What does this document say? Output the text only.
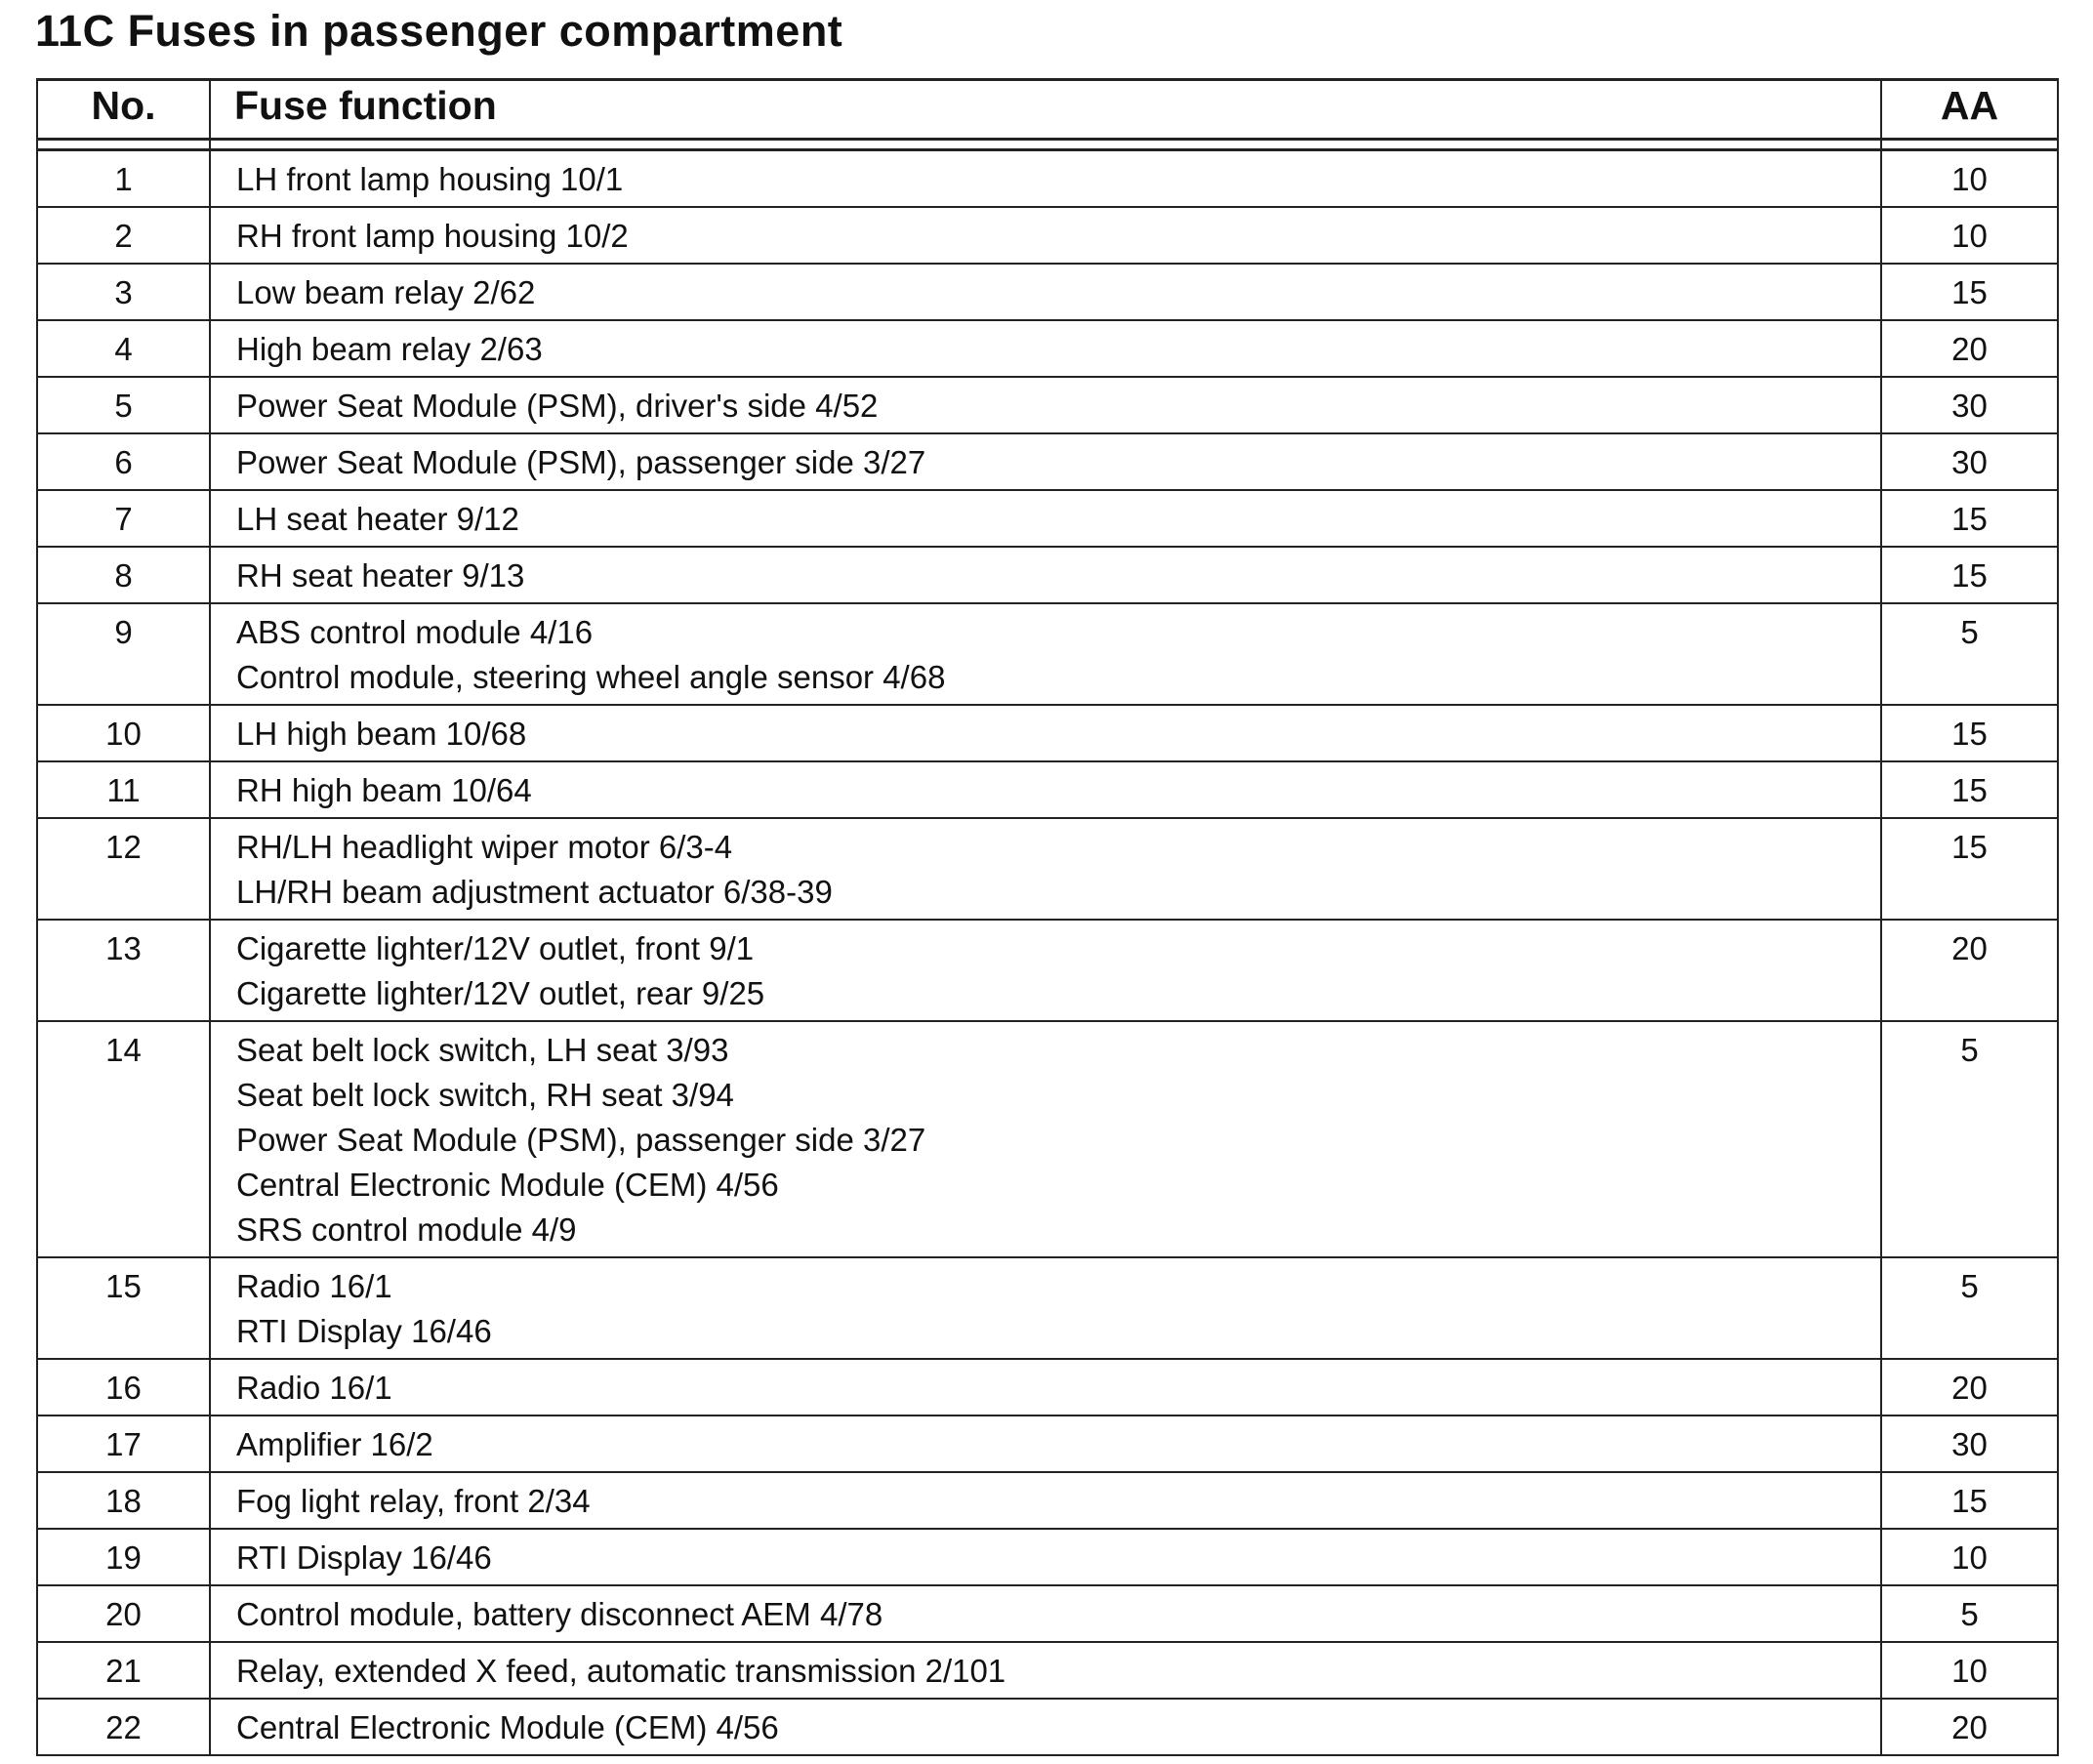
11C Fuses in passenger compartment
No.	Fuse function	AA

1	LH front lamp housing 10/1	10
2	RH front lamp housing 10/2	10
3	Low beam relay 2/62	15
4	High beam relay 2/63	20
5	Power Seat Module (PSM), driver's side 4/52	30
6	Power Seat Module (PSM), passenger side 3/27	30
7	LH seat heater 9/12	15
8	RH seat heater 9/13	15
9	ABS control module 4/16
Control module, steering wheel angle sensor 4/68	5
10	LH high beam 10/68	15
11	RH high beam 10/64	15
12	RH/LH headlight wiper motor 6/3-4
LH/RH beam adjustment actuator 6/38-39	15
13	Cigarette lighter/12V outlet, front 9/1
Cigarette lighter/12V outlet, rear 9/25	20
14	Seat belt lock switch, LH seat 3/93
Seat belt lock switch, RH seat 3/94
Power Seat Module (PSM), passenger side 3/27
Central Electronic Module (CEM) 4/56
SRS control module 4/9	5
15	Radio 16/1
RTI Display 16/46	5
16	Radio 16/1	20
17	Amplifier 16/2	30
18	Fog light relay, front 2/34	15
19	RTI Display 16/46	10
20	Control module, battery disconnect AEM 4/78	5
21	Relay, extended X feed, automatic transmission 2/101	10
22	Central Electronic Module (CEM) 4/56	20
